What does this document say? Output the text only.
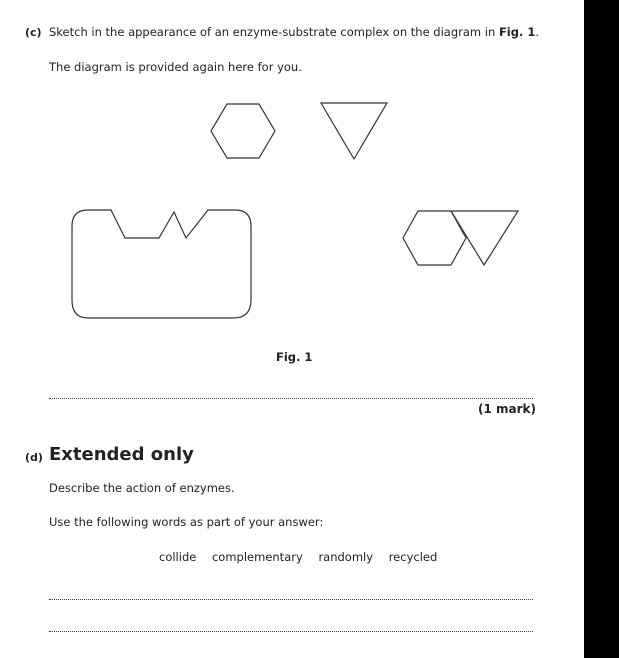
(c) Sketch in the appearance of an enzyme-substrate complex on the diagram in Fig. 1.
The diagram is provided again here for you.
Fig. 1
(1 mark)
(d) Extended only
Describe the action of enzymes.
Use the following words as part of your answer:
collide complementary randomly recycled
